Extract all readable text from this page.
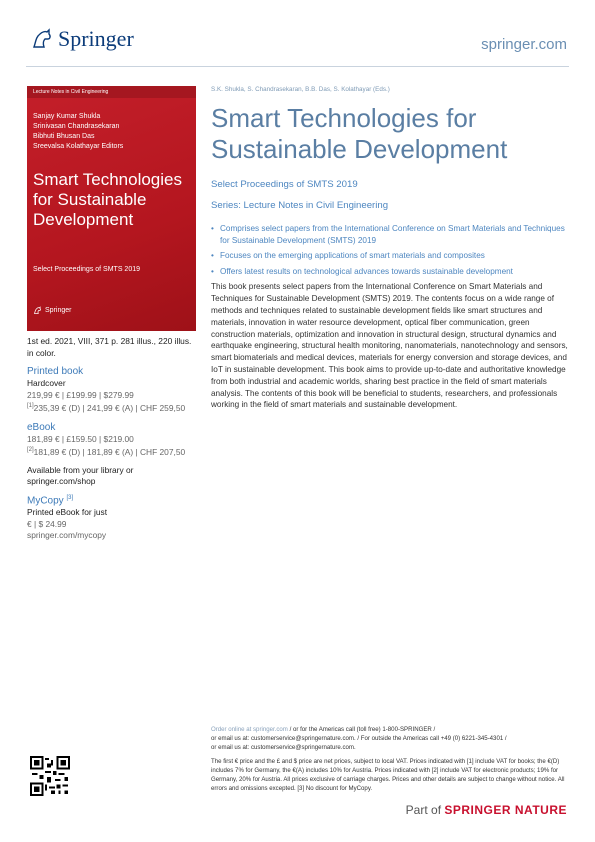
Springer	springer.com
Lecture Notes in Civil Engineering
Sanjay Kumar Shukla
Srinivasan Chandrasekaran
Bibhuti Bhusan Das
Sreevalsa Kolathayar Editors
Smart Technologies for Sustainable Development
Select Proceedings of SMTS 2019
Springer
1st ed. 2021, VIII, 371 p. 281 illus., 220 illus. in color.
Printed book
Hardcover
219,99 € | £199.99 | $279.99
[1]235,39 € (D) | 241,99 € (A) | CHF 259,50
eBook
181,89 € | £159.50 | $219.00
[2]181,89 € (D) | 181,89 € (A) | CHF 207,50
Available from your library or
springer.com/shop
MyCopy [3]
Printed eBook for just
€ | $ 24.99
springer.com/mycopy
S.K. Shukla, S. Chandrasekaran, B.B. Das, S. Kolathayar (Eds.)
Smart Technologies for Sustainable Development
Select Proceedings of SMTS 2019
Series: Lecture Notes in Civil Engineering
• Comprises select papers from the International Conference on Smart Materials and Techniques for Sustainable Development (SMTS) 2019
• Focuses on the emerging applications of smart materials and composites
• Offers latest results on technological advances towards sustainable development
This book presents select papers from the International Conference on Smart Materials and Techniques for Sustainable Development (SMTS) 2019. The contents focus on a wide range of methods and techniques related to sustainable development fields like smart structures and materials, innovation in water resource development, optical fiber communication, green construction materials, optimization and innovation in structural design, structural dynamics and earthquake engineering, structural health monitoring, nanomaterials, nanotechnology and sensors, smart biomaterials and medical devices, materials for energy conversion and storage devices, and IoT in sustainable development. This book aims to provide up-to-date and authoritative knowledge from both industrial and academic worlds, sharing best practice in the field of smart materials analysis. The contents of this book will be beneficial to students, researchers, and professionals working in the field of smart materials and sustainable development.
Order online at springer.com / or for the Americas call (toll free) 1-800-SPRINGER /
or email us at: customerservice@springernature.com. / For outside the Americas call +49 (0) 6221-345-4301 /
or email us at: customerservice@springernature.com.
The first € price and the £ and $ price are net prices, subject to local VAT. Prices indicated with [1] include VAT for books; the €(D) includes 7% for Germany, the €(A) includes 10% for Austria. Prices indicated with [2] include VAT for electronic products; 19% for Germany, 20% for Austria. All prices exclusive of carriage charges. Prices and other details are subject to change without notice. All errors and omissions excepted. [3] No discount for MyCopy.
Part of SPRINGER NATURE
